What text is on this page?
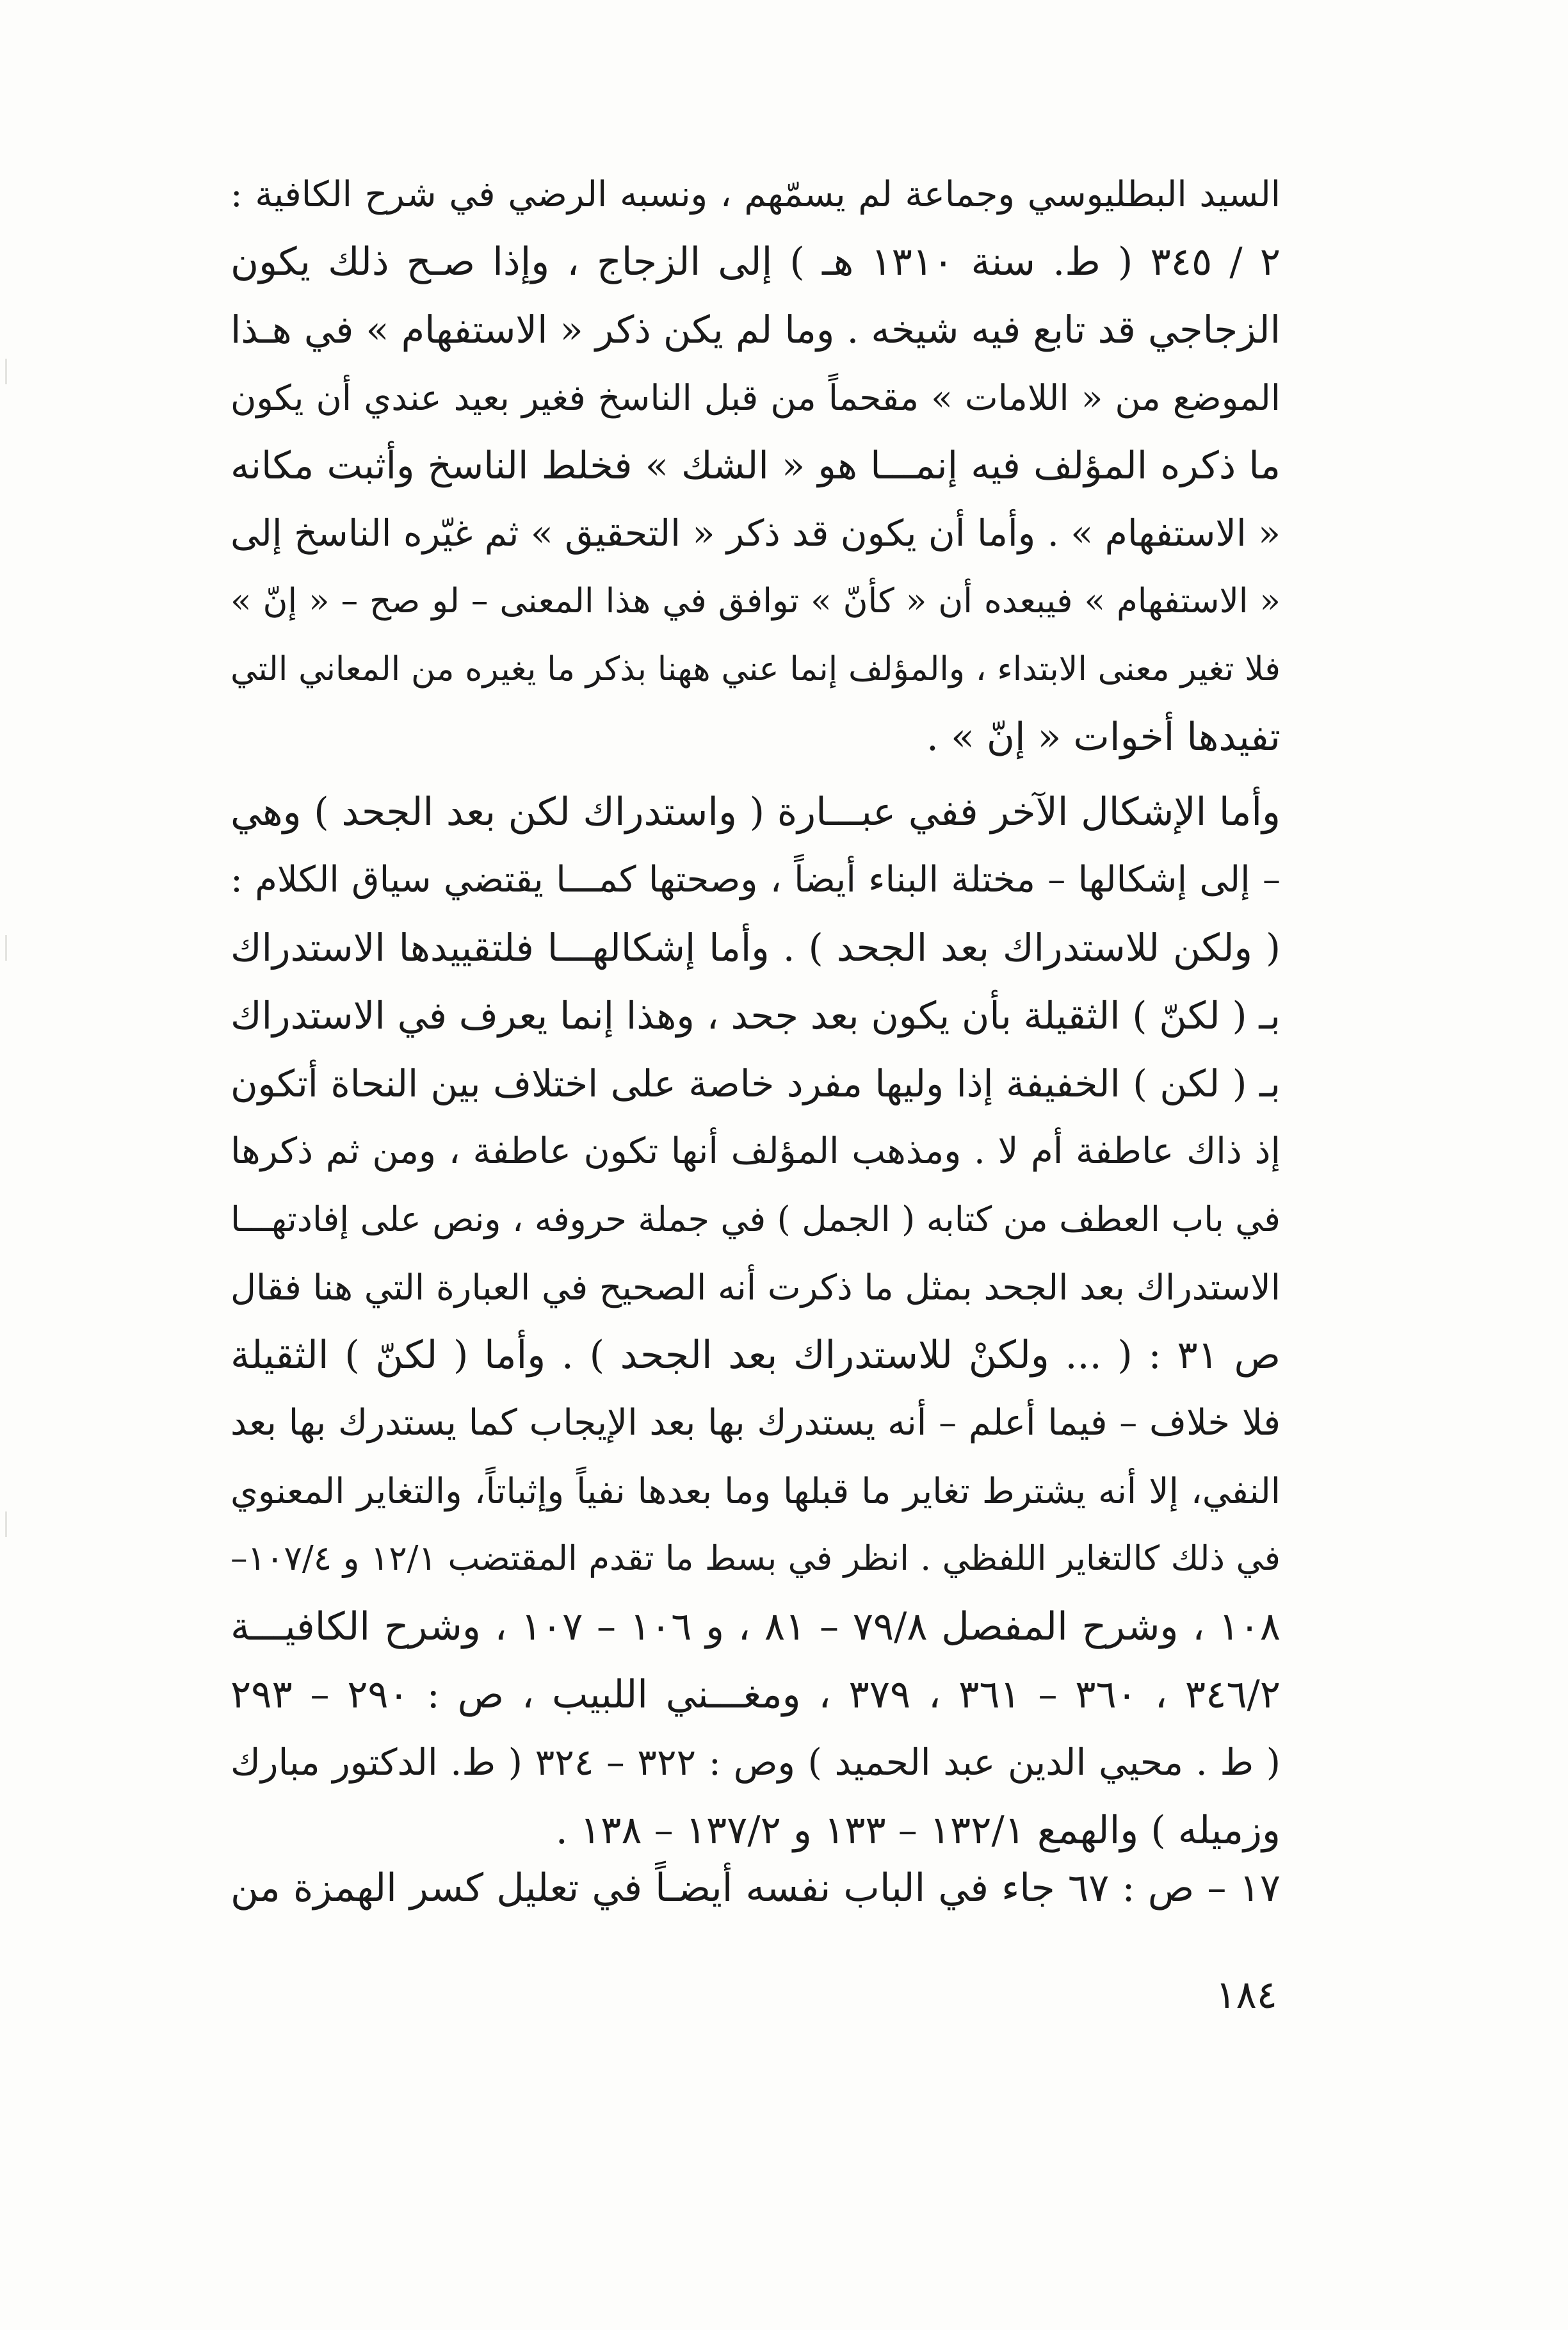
السيد البطليوسي وجماعة لم يسمّهم ، ونسبه الرضي في شرح الكافية :
٢ / ٣٤٥ ( ط. سنة ١٣١٠ هـ ) إلى الزجاج ، وإذا صـح ذلك يكون
الزجاجي قد تابع فيه شيخه . وما لم يكن ذكر « الاستفهام » في هـذا
الموضع من « اللامات » مقحماً من قبل الناسخ فغير بعيد عندي أن يكون
ما ذكره المؤلف فيه إنمـــا هو « الشك » فخلط الناسخ وأثبت مكانه
« الاستفهام » . وأما أن يكون قد ذكر « التحقيق » ثم غيّره الناسخ إلى
« الاستفهام » فيبعده أن « كأنّ » توافق في هذا المعنى – لو صح – « إنّ »
فلا تغير معنى الابتداء ، والمؤلف إنما عني ههنا بذكر ما يغيره من المعاني التي
تفيدها أخوات « إنّ » .
وأما الإشكال الآخر ففي عبـــارة ( واستدراك لكن بعد الجحد ) وهي
– إلى إشكالها – مختلة البناء أيضاً ، وصحتها كمـــا يقتضي سياق الكلام :
( ولكن للاستدراك بعد الجحد ) . وأما إشكالهـــا فلتقييدها الاستدراك
بـ ( لكنّ ) الثقيلة بأن يكون بعد جحد ، وهذا إنما يعرف في الاستدراك
بـ ( لكن ) الخفيفة إذا وليها مفرد خاصة على اختلاف بين النحاة أتكون
إذ ذاك عاطفة أم لا . ومذهب المؤلف أنها تكون عاطفة ، ومن ثم ذكرها
في باب العطف من كتابه ( الجمل ) في جملة حروفه ، ونص على إفادتهـــا
الاستدراك بعد الجحد بمثل ما ذكرت أنه الصحيح في العبارة التي هنا فقال
ص ٣١ : ( ... ولكنْ للاستدراك بعد الجحد ) . وأما ( لكنّ ) الثقيلة
فلا خلاف – فيما أعلم – أنه يستدرك بها بعد الإيجاب كما يستدرك بها بعد
النفي، إلا أنه يشترط تغاير ما قبلها وما بعدها نفياً وإثباتاً، والتغاير المعنوي
في ذلك كالتغاير اللفظي . انظر في بسط ما تقدم المقتضب ١٢/١ و ١٠٧/٤–
١٠٨ ، وشرح المفصل ٧٩/٨ – ٨١ ، و ١٠٦ – ١٠٧ ، وشرح الكافيـــة
٣٤٦/٢ ، ٣٦٠ – ٣٦١ ، ٣٧٩ ، ومغـــني اللبيب ، ص : ٢٩٠ – ٢٩٣
( ط . محيي الدين عبد الحميد ) وص : ٣٢٢ – ٣٢٤ ( ط. الدكتور مبارك
وزميله ) والهمع ١٣٢/١ – ١٣٣ و ١٣٧/٢ – ١٣٨ .
١٧ – ص : ٦٧ جاء في الباب نفسه أيضـاً في تعليل كسر الهمزة من
١٨٤
